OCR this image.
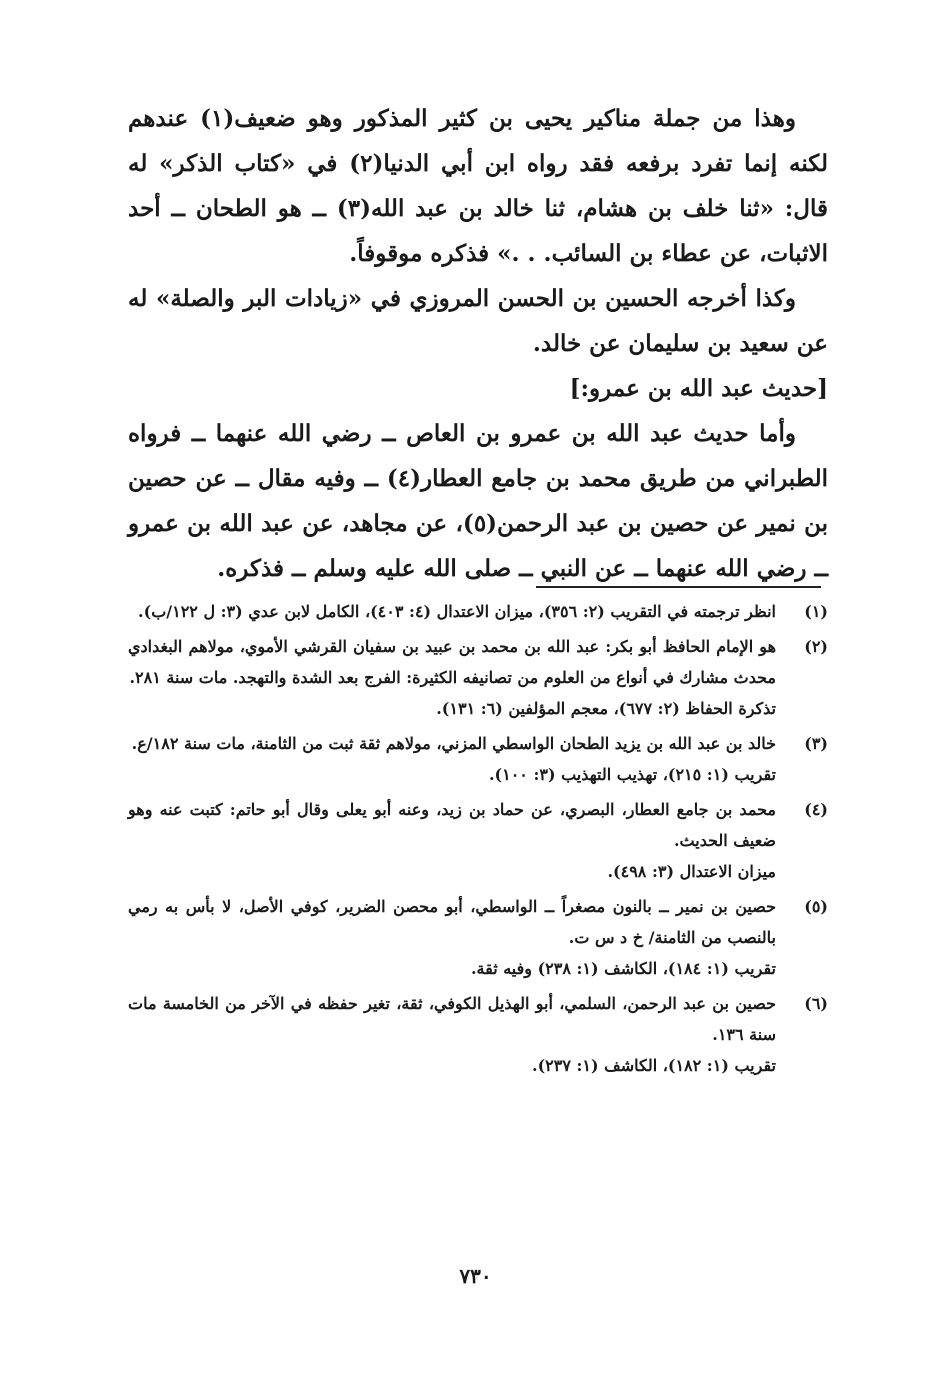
وهذا من جملة مناكير يحيى بن كثير المذكور وهو ضعيف(١) عندهم لكنه إنما تفرد برفعه فقد رواه ابن أبي الدنيا(٢) في «كتاب الذكر» له قال: «ثنا خلف بن هشام، ثنا خالد بن عبد الله(٣) ــ هو الطحان ــ أحد الاثبات، عن عطاء بن السائب. . .» فذكره موقوفاً.

وكذا أخرجه الحسين بن الحسن المروزي في «زيادات البر والصلة» له عن سعيد بن سليمان عن خالد.

[حديث عبد الله بن عمرو:]

وأما حديث عبد الله بن عمرو بن العاص ــ رضي الله عنهما ــ فرواه الطبراني من طريق محمد بن جامع العطار(٤) ــ وفيه مقال ــ عن حصين بن نمير عن حصين بن عبد الرحمن(٥)، عن مجاهد، عن عبد الله بن عمرو ــ رضي الله عنهما ــ عن النبي ــ صلى الله عليه وسلم ــ فذكره.

(١)
انظر ترجمته في التقريب (٢: ٣٥٦)، ميزان الاعتدال (٤: ٤٠٣)، الكامل لابن عدي (٣: ل ١٢٢/ب).
(٢)
هو الإمام الحافظ أبو بكر: عبد الله بن محمد بن عبيد بن سفيان القرشي الأموي، مولاهم البغدادي محدث مشارك في أنواع من العلوم من تصانيفه الكثيرة: الفرج بعد الشدة والتهجد. مات سنة ٢٨١.
تذكرة الحفاظ (٢: ٦٧٧)، معجم المؤلفين (٦: ١٣١).
(٣)
خالد بن عبد الله بن يزيد الطحان الواسطي المزني، مولاهم ثقة ثبت من الثامنة، مات سنة ١٨٢/ع.
تقريب (١: ٢١٥)، تهذيب التهذيب (٣: ١٠٠).
(٤)
محمد بن جامع العطار، البصري، عن حماد بن زيد، وعنه أبو يعلى وقال أبو حاتم: كتبت عنه وهو ضعيف الحديث.
ميزان الاعتدال (٣: ٤٩٨).
(٥)
حصين بن نمير ــ بالنون مصغراً ــ الواسطي، أبو محصن الضرير، كوفي الأصل، لا بأس به رمي بالنصب من الثامنة/ خ د س ت.
تقريب (١: ١٨٤)، الكاشف (١: ٢٣٨) وفيه ثقة.
(٦)
حصين بن عبد الرحمن، السلمي، أبو الهذيل الكوفي، ثقة، تغير حفظه في الآخر من الخامسة مات سنة ١٣٦.
تقريب (١: ١٨٢)، الكاشف (١: ٢٣٧).
٧٣٠
